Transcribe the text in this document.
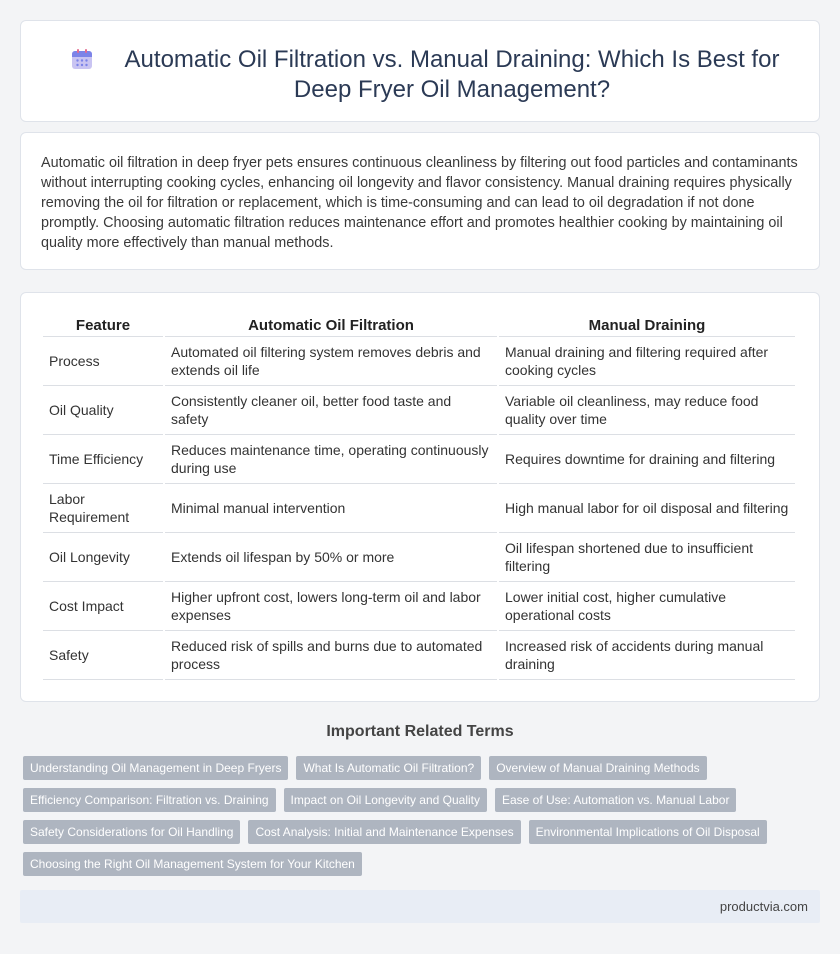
Automatic Oil Filtration vs. Manual Draining: Which Is Best for Deep Fryer Oil Management?

Automatic oil filtration in deep fryer pets ensures continuous cleanliness by filtering out food particles and contaminants without interrupting cooking cycles, enhancing oil longevity and flavor consistency. Manual draining requires physically removing the oil for filtration or replacement, which is time-consuming and can lead to oil degradation if not done promptly. Choosing automatic filtration reduces maintenance effort and promotes healthier cooking by maintaining oil quality more effectively than manual methods.

Feature	Automatic Oil Filtration	Manual Draining
Process	Automated oil filtering system removes debris and extends oil life	Manual draining and filtering required after cooking cycles
Oil Quality	Consistently cleaner oil, better food taste and safety	Variable oil cleanliness, may reduce food quality over time
Time Efficiency	Reduces maintenance time, operating continuously during use	Requires downtime for draining and filtering
Labor Requirement	Minimal manual intervention	High manual labor for oil disposal and filtering
Oil Longevity	Extends oil lifespan by 50% or more	Oil lifespan shortened due to insufficient filtering
Cost Impact	Higher upfront cost, lowers long-term oil and labor expenses	Lower initial cost, higher cumulative operational costs
Safety	Reduced risk of spills and burns due to automated process	Increased risk of accidents during manual draining
Important Related Terms
Understanding Oil Management in Deep Fryers	What Is Automatic Oil Filtration?	Overview of Manual Draining Methods
Efficiency Comparison: Filtration vs. Draining	Impact on Oil Longevity and Quality	Ease of Use: Automation vs. Manual Labor
Safety Considerations for Oil Handling	Cost Analysis: Initial and Maintenance Expenses	Environmental Implications of Oil Disposal
Choosing the Right Oil Management System for Your Kitchen
productvia.com
